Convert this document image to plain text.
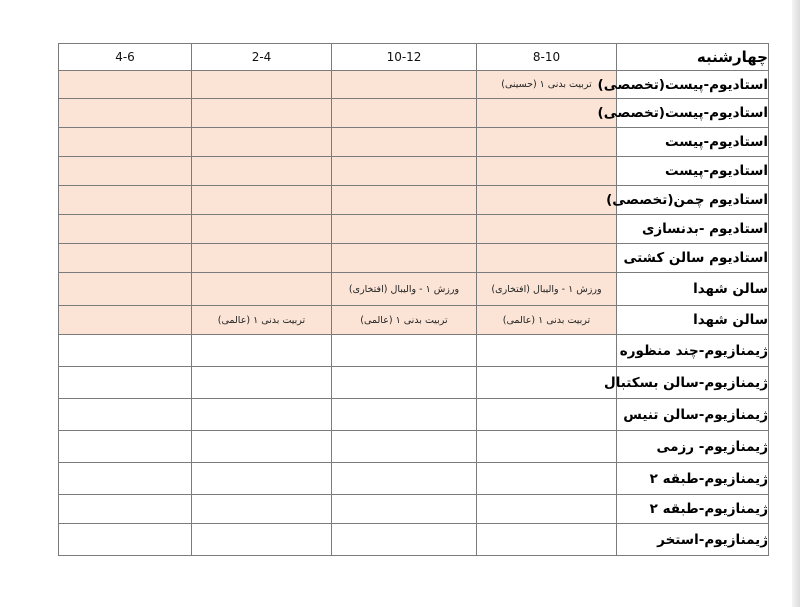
4-6	2-4	10-12	8-10	چهارشنبه
			تربیت بدنی ۱ (حسینی)	استادیوم-پیست(تخصصی)
				استادیوم-پیست(تخصصی)
				استادیوم-پیست
				استادیوم-پیست
				استادیوم چمن(تخصصی)
				استادیوم -بدنسازی
				استادیوم سالن کشتی
		ورزش ۱ - والیبال (افتخاری)	ورزش ۱ - والیبال (افتخاری)	سالن شهدا
	تربیت بدنی ۱ (عالمی)	تربیت بدنی ۱ (عالمی)	تربیت بدنی ۱ (عالمی)	سالن شهدا
				ژیمنازیوم-چند منظوره
				ژیمنازیوم-سالن بسکتبال
				ژیمنازیوم-سالن تنیس
				ژیمنازیوم- رزمی
				ژیمنازیوم-طبقه ۲
				ژیمنازیوم-طبقه ۲
				ژیمنازیوم-استخر
